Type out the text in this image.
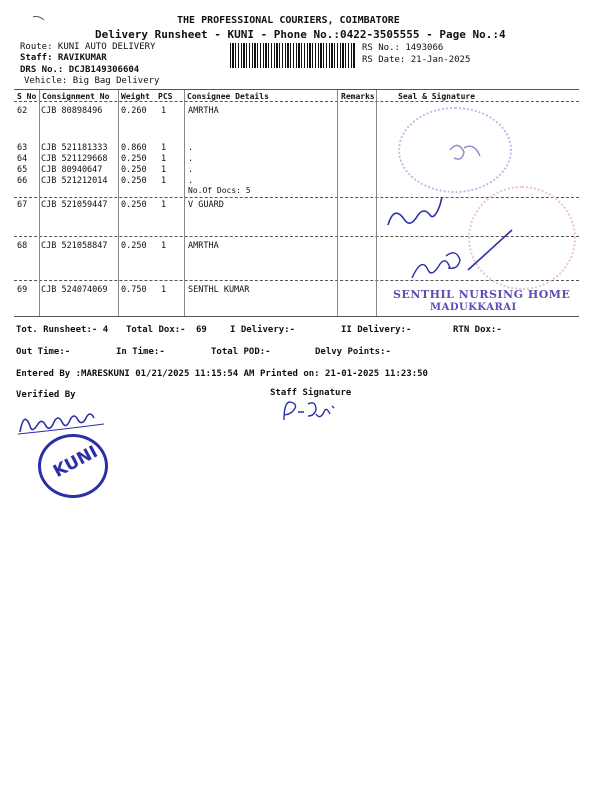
THE PROFESSIONAL COURIERS, COIMBATORE
Delivery Runsheet - KUNI - Phone No.:0422-3505555 - Page No.:4
Route: KUNI AUTO DELIVERY
Staff: RAVIKUMAR
DRS No.: DCJB149306604
Vehicle: Big Bag Delivery
RS No.: 1493066
RS Date: 21-Jan-2025
S No Consignment No Weight PCS Consignee Details	Remarks	Seal & Signature
62 CJB 80898496 0.260 1	AMRTHA
63 CJB 521181333 0.860 1	.
64 CJB 521129668 0.250 1	.
65 CJB 80940647 0.250 1	.
66 CJB 521212014 0.250 1	.
No.Of Docs: 5
67 CJB 521059447 0.250 1	V GUARD
68 CJB 521058847 0.250 1	AMRTHA
69 CJB 524074069 0.750 1	SENTHL KUMAR	SENTHIL NURSING HOME
MADUKKARAI
Tot. Runsheet:- 4 Total Dox:- 69	I Delivery:-	II Delivery:-	RTN Dox:-
Out Time:-	In Time:-	Total POD:-	Delvy Points:-
Entered By :MARESKUNI 01/21/2025 11:15:54 AM Printed on: 21-01-2025 11:23:50
Verified By	Staff Signature
KUNI
